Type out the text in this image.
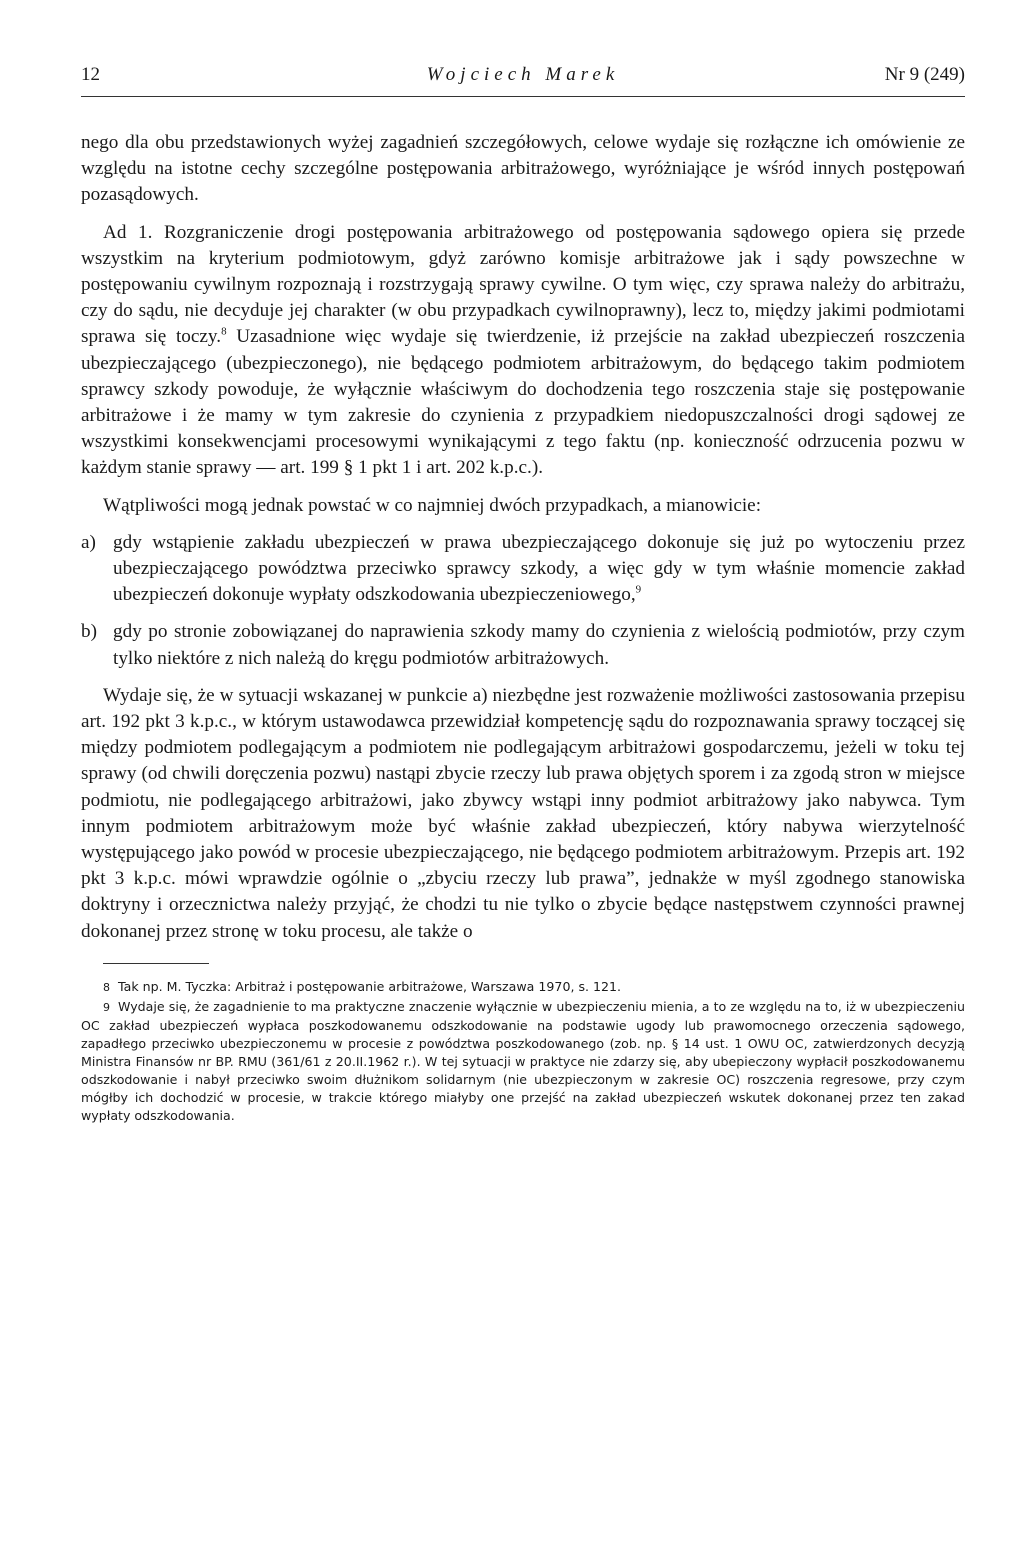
12	Wojciech Marek	Nr 9 (249)

nego dla obu przedstawionych wyżej zagadnień szczegółowych, celowe wydaje się rozłączne ich omówienie ze względu na istotne cechy szczególne postępowania arbitrażowego, wyróżniające je wśród innych postępowań pozasądowych.

Ad 1. Rozgraniczenie drogi postępowania arbitrażowego od postępowania sądowego opiera się przede wszystkim na kryterium podmiotowym, gdyż zarówno komisje arbitrażowe jak i sądy powszechne w postępowaniu cywilnym rozpoznają i rozstrzygają sprawy cywilne. O tym więc, czy sprawa należy do arbitrażu, czy do sądu, nie decyduje jej charakter (w obu przypadkach cywilnoprawny), lecz to, między jakimi podmiotami sprawa się toczy.$^8$ Uzasadnione więc wydaje się twierdzenie, iż przejście na zakład ubezpieczeń roszczenia ubezpieczającego (ubezpieczonego), nie będącego podmiotem arbitrażowym, do będącego takim podmiotem sprawcy szkody powoduje, że wyłącznie właściwym do dochodzenia tego roszczenia staje się postępowanie arbitrażowe i że mamy w tym zakresie do czynienia z przypadkiem niedopuszczalności drogi sądowej ze wszystkimi konsekwencjami procesowymi wynikającymi z tego faktu (np. konieczność odrzucenia pozwu w każdym stanie sprawy — art. 199 § 1 pkt 1 i art. 202 k.p.c.).

Wątpliwości mogą jednak powstać w co najmniej dwóch przypadkach, a mianowicie:

a) gdy wstąpienie zakładu ubezpieczeń w prawa ubezpieczającego dokonuje się już po wytoczeniu przez ubezpieczającego powództwa przeciwko sprawcy szkody, a więc gdy w tym właśnie momencie zakład ubezpieczeń dokonuje wypłaty odszkodowania ubezpieczeniowego,$^9$
b) gdy po stronie zobowiązanej do naprawienia szkody mamy do czynienia z wielością podmiotów, przy czym tylko niektóre z nich należą do kręgu podmiotów arbitrażowych.

Wydaje się, że w sytuacji wskazanej w punkcie a) niezbędne jest rozważenie możliwości zastosowania przepisu art. 192 pkt 3 k.p.c., w którym ustawodawca przewidział kompetencję sądu do rozpoznawania sprawy toczącej się między podmiotem podlegającym a podmiotem nie podlegającym arbitrażowi gospodarczemu, jeżeli w toku tej sprawy (od chwili doręczenia pozwu) nastąpi zbycie rzeczy lub prawa objętych sporem i za zgodą stron w miejsce podmiotu, nie podlegającego arbitrażowi, jako zbywcy wstąpi inny podmiot arbitrażowy jako nabywca. Tym innym podmiotem arbitrażowym może być właśnie zakład ubezpieczeń, który nabywa wierzytelność występującego jako powód w procesie ubezpieczającego, nie będącego podmiotem arbitrażowym. Przepis art. 192 pkt 3 k.p.c. mówi wprawdzie ogólnie o „zbyciu rzeczy lub prawa”, jednakże w myśl zgodnego stanowiska doktryny i orzecznictwa należy przyjąć, że chodzi tu nie tylko o zbycie będące następstwem czynności prawnej dokonanej przez stronę w toku procesu, ale także o

8 Tak np. M. Tyczka: Arbitraż i postępowanie arbitrażowe, Warszawa 1970, s. 121.

9 Wydaje się, że zagadnienie to ma praktyczne znaczenie wyłącznie w ubezpieczeniu mienia, a to ze względu na to, iż w ubezpieczeniu OC zakład ubezpieczeń wypłaca poszkodowanemu odszkodowanie na podstawie ugody lub prawomocnego orzeczenia sądowego, zapadłego przeciwko ubezpieczonemu w procesie z powództwa poszkodowanego (zob. np. § 14 ust. 1 OWU OC, zatwierdzonych decyzją Ministra Finansów nr BP. RMU (361/61 z 20.II.1962 r.). W tej sytuacji w praktyce nie zdarzy się, aby ubepieczony wypłacił poszkodowanemu odszkodowanie i nabył przeciwko swoim dłużnikom solidarnym (nie ubezpieczonym w zakresie OC) roszczenia regresowe, przy czym mógłby ich dochodzić w procesie, w trakcie którego miałyby one przejść na zakład ubezpieczeń wskutek dokonanej przez ten zakad wypłaty odszkodowania.
